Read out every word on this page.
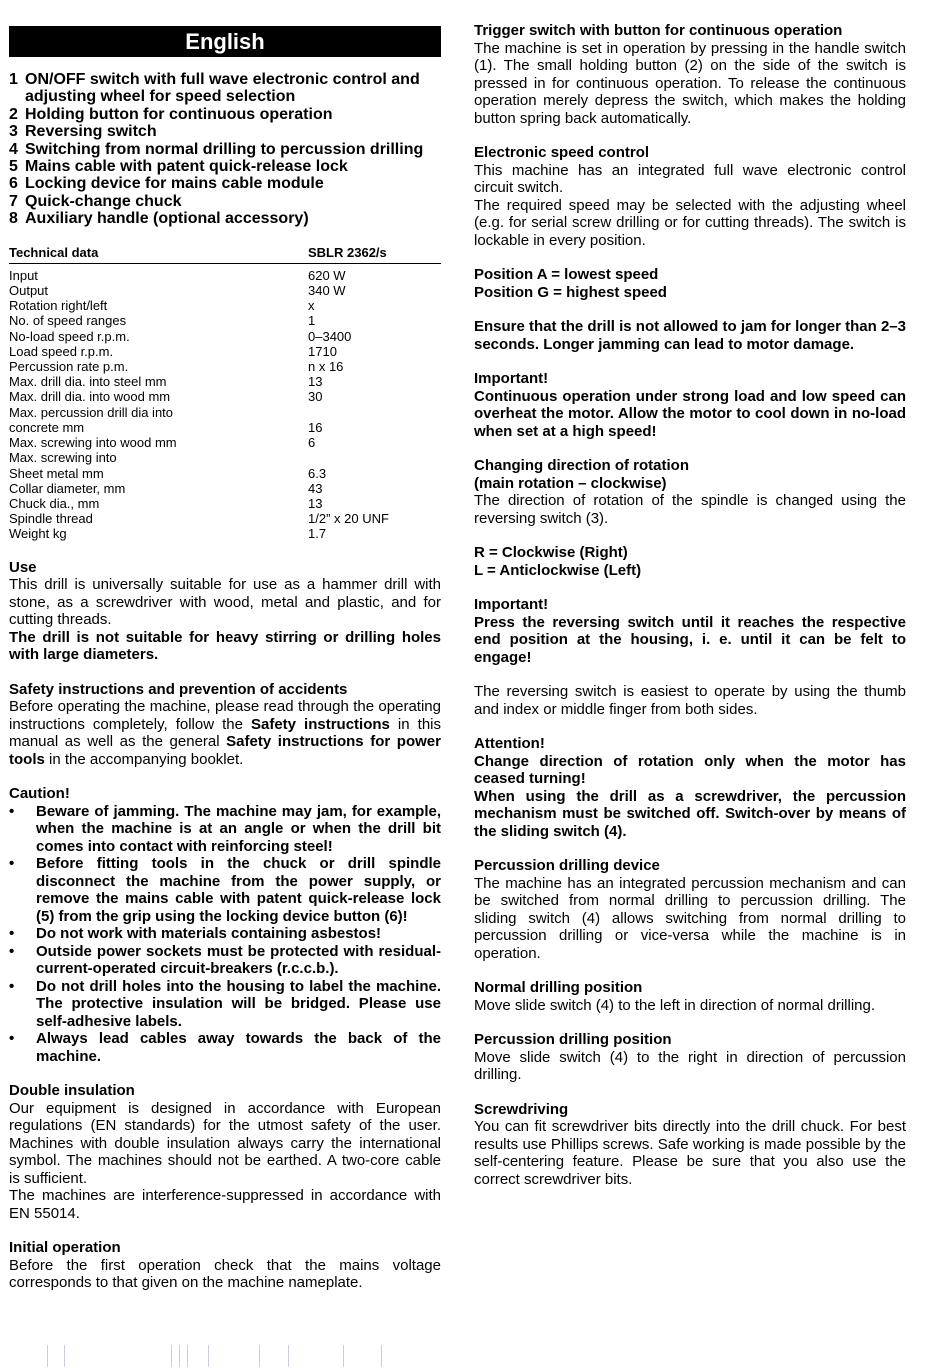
English
1 ON/OFF switch with full wave electronic control and adjusting wheel for speed selection
2 Holding button for continuous operation
3 Reversing switch
4 Switching from normal drilling to percussion drilling
5 Mains cable with patent quick-release lock
6 Locking device for mains cable module
7 Quick-change chuck
8 Auxiliary handle (optional accessory)
Technical data	SBLR 2362/s
Input	620 W
Output	340 W
Rotation right/left	x
No. of speed ranges	1
No-load speed r.p.m.	0–3400
Load speed r.p.m.	1710
Percussion rate p.m.	n x 16
Max. drill dia. into steel mm	13
Max. drill dia. into wood mm	30
Max. percussion drill dia into	
concrete mm	16
Max. screwing into wood mm	6
Max. screwing into	
Sheet metal mm	6.3
Collar diameter, mm	43
Chuck dia., mm	13
Spindle thread	1/2” x 20 UNF
Weight kg	1.7
Use

This drill is universally suitable for use as a hammer drill with stone, as a screwdriver with wood, metal and plastic, and for cutting threads.

The drill is not suitable for heavy stirring or drilling holes with large diameters.

Safety instructions and prevention of accidents

Before operating the machine, please read through the operating instructions completely, follow the Safety instructions in this manual as well as the general Safety instructions for power tools in the accompanying booklet.

Caution!
• Beware of jamming. The machine may jam, for example, when the machine is at an angle or when the drill bit comes into contact with reinforcing steel!
• Before fitting tools in the chuck or drill spindle disconnect the machine from the power supply, or remove the mains cable with patent quick-release lock (5) from the grip using the locking device button (6)!
• Do not work with materials containing asbestos!
• Outside power sockets must be protected with residual-current-operated circuit-breakers (r.c.c.b.).
• Do not drill holes into the housing to label the machine. The protective insulation will be bridged. Please use self-adhesive labels.
• Always lead cables away towards the back of the machine.
Double insulation

Our equipment is designed in accordance with European regulations (EN standards) for the utmost safety of the user. Machines with double insulation always carry the international symbol. The machines should not be earthed. A two-core cable is sufficient.

The machines are interference-suppressed in accordance with EN 55014.

Initial operation

Before the first operation check that the mains voltage corresponds to that given on the machine nameplate.

Trigger switch with button for continuous operation

The machine is set in operation by pressing in the handle switch (1). The small holding button (2) on the side of the switch is pressed in for continuous operation. To release the continuous operation merely depress the switch, which makes the holding button spring back automatically.

Electronic speed control

This machine has an integrated full wave electronic control circuit switch.

The required speed may be selected with the adjusting wheel (e.g. for serial screw drilling or for cutting threads). The switch is lockable in every position.

Position A = lowest speed
Position G = highest speed

Ensure that the drill is not allowed to jam for longer than 2–3 seconds. Longer jamming can lead to motor damage.

Important!

Continuous operation under strong load and low speed can overheat the motor. Allow the motor to cool down in no-load when set at a high speed!

Changing direction of rotation
(main rotation – clockwise)

The direction of rotation of the spindle is changed using the reversing switch (3).

R = Clockwise (Right)
L = Anticlockwise (Left)
Important!

Press the reversing switch until it reaches the respective end position at the housing, i. e. until it can be felt to engage!

The reversing switch is easiest to operate by using the thumb and index or middle finger from both sides.

Attention!

Change direction of rotation only when the motor has ceased turning!

When using the drill as a screwdriver, the percussion mechanism must be switched off. Switch-over by means of the sliding switch (4).

Percussion drilling device

The machine has an integrated percussion mechanism and can be switched from normal drilling to percussion drilling. The sliding switch (4) allows switching from normal drilling to percussion drilling or vice-versa while the machine is in operation.

Normal drilling position

Move slide switch (4) to the left in direction of normal drilling.

Percussion drilling position

Move slide switch (4) to the right in direction of percussion drilling.

Screwdriving

You can fit screwdriver bits directly into the drill chuck. For best results use Phillips screws. Safe working is made possible by the self-centering feature. Please be sure that you also use the correct screwdriver bits.
